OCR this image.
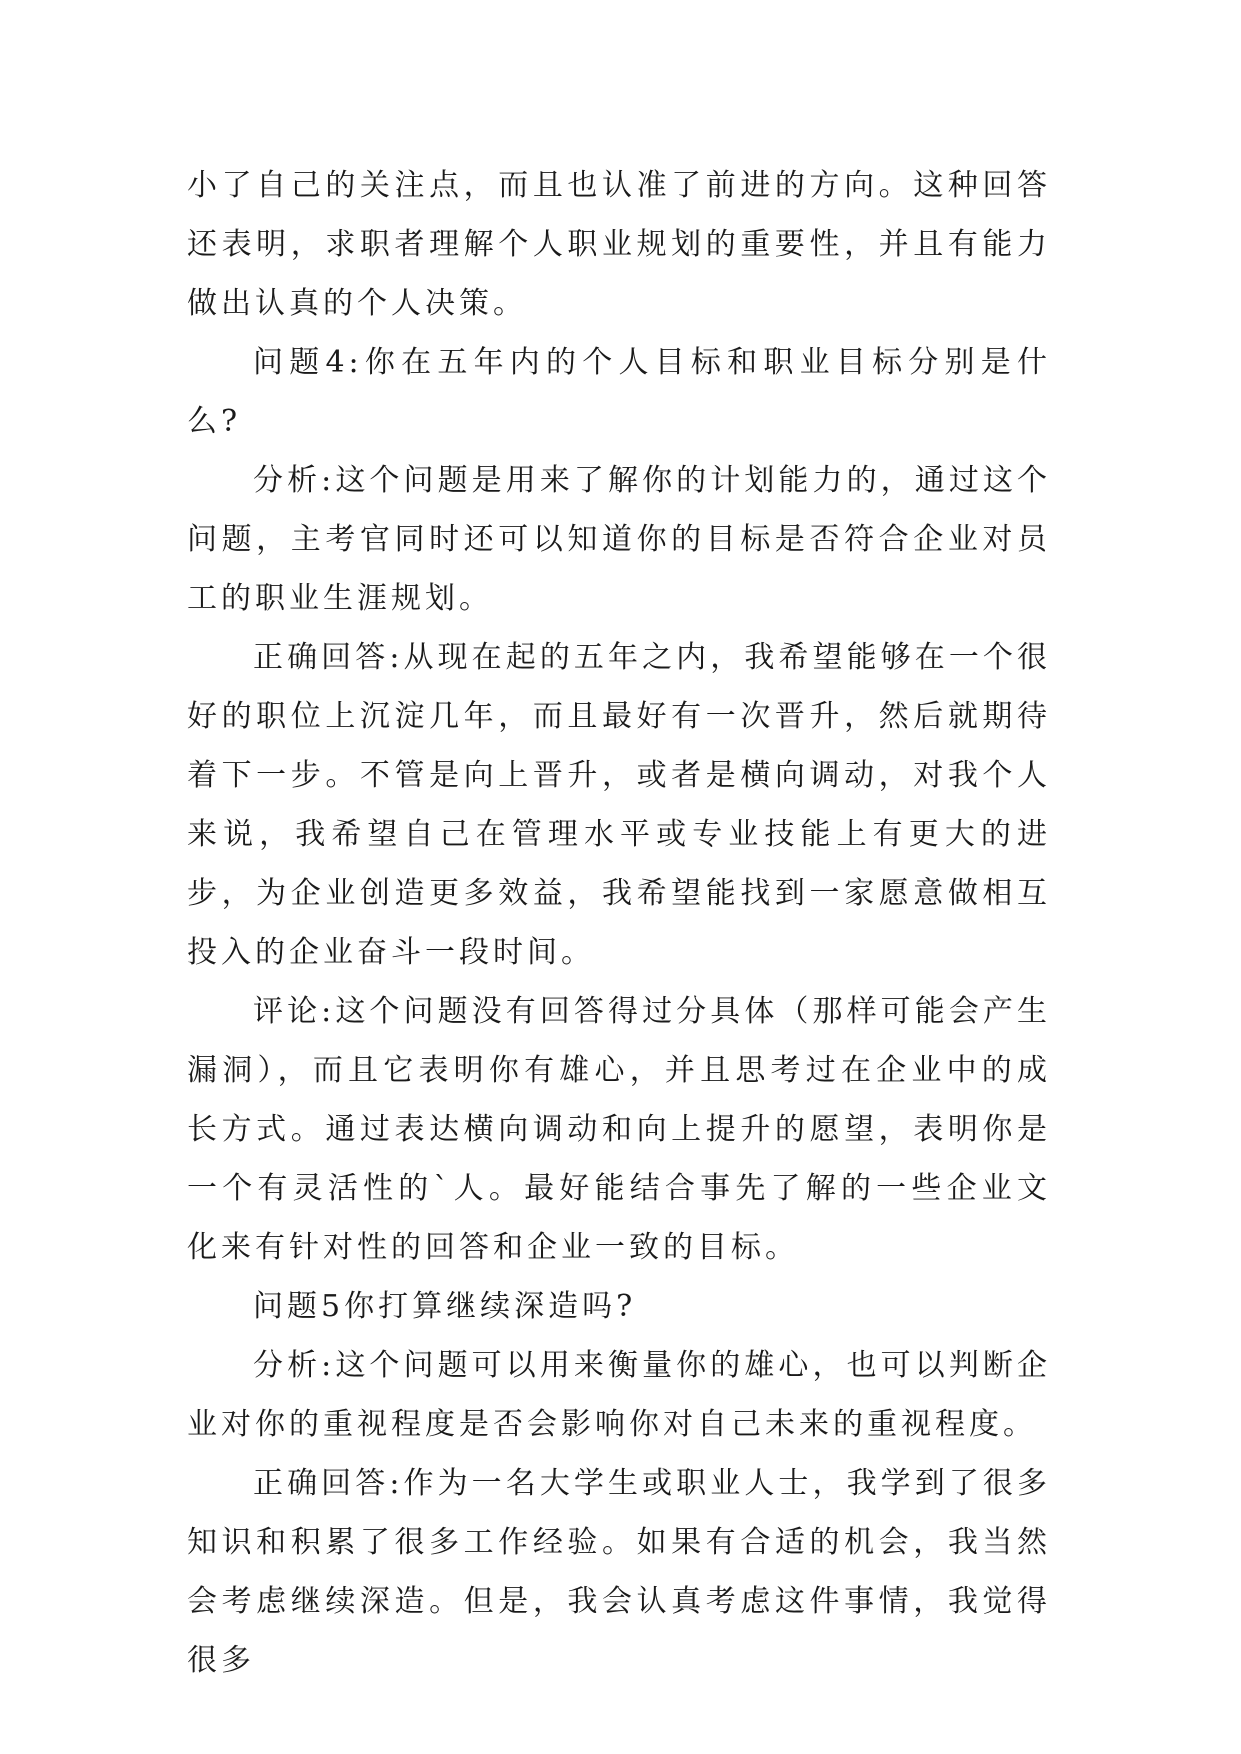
小了自己的关注点，而且也认准了前进的方向。这种回答还表明，求职者理解个人职业规划的重要性，并且有能力做出认真的个人决策。

问题4:你在五年内的个人目标和职业目标分别是什么?

分析:这个问题是用来了解你的计划能力的，通过这个问题，主考官同时还可以知道你的目标是否符合企业对员工的职业生涯规划。

正确回答:从现在起的五年之内，我希望能够在一个很好的职位上沉淀几年，而且最好有一次晋升，然后就期待着下一步。不管是向上晋升，或者是横向调动，对我个人来说，我希望自己在管理水平或专业技能上有更大的进步，为企业创造更多效益，我希望能找到一家愿意做相互投入的企业奋斗一段时间。

评论:这个问题没有回答得过分具体（那样可能会产生漏洞），而且它表明你有雄心，并且思考过在企业中的成长方式。通过表达横向调动和向上提升的愿望，表明你是一个有灵活性的`人。最好能结合事先了解的一些企业文化来有针对性的回答和企业一致的目标。

问题5你打算继续深造吗?

分析:这个问题可以用来衡量你的雄心，也可以判断企业对你的重视程度是否会影响你对自己未来的重视程度。

正确回答:作为一名大学生或职业人士，我学到了很多知识和积累了很多工作经验。如果有合适的机会，我当然会考虑继续深造。但是，我会认真考虑这件事情，我觉得很多
